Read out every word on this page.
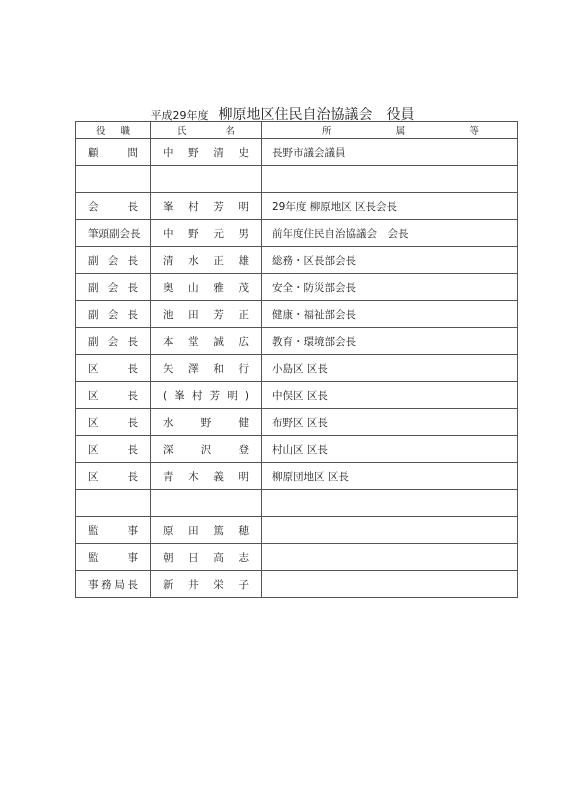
平成29年度 柳原地区住民自治協議会　役員
役 職	氏 名	所 属 等

顧問	中野清史	長野市議会議員

会長	峯村芳明	29年度 柳原地区 区長会長

筆頭副会長	中野元男	前年度住民自治協議会　会長

副会長	清水正雄	総務・区長部会長

副会長	奥山雅茂	安全・防災部会長

副会長	池田芳正	健康・福祉部会長

副会長	本堂誠広	教育・環境部会長

区長	矢澤和行	小島区 区長

区長	(峯村芳明)	中俣区 区長

区長	水野健	布野区 区長

区長	深沢登	村山区 区長

区長	青木義明	柳原団地区 区長

監事	原田篤穂	

監事	朝日高志	

事務局長	新井栄子	
